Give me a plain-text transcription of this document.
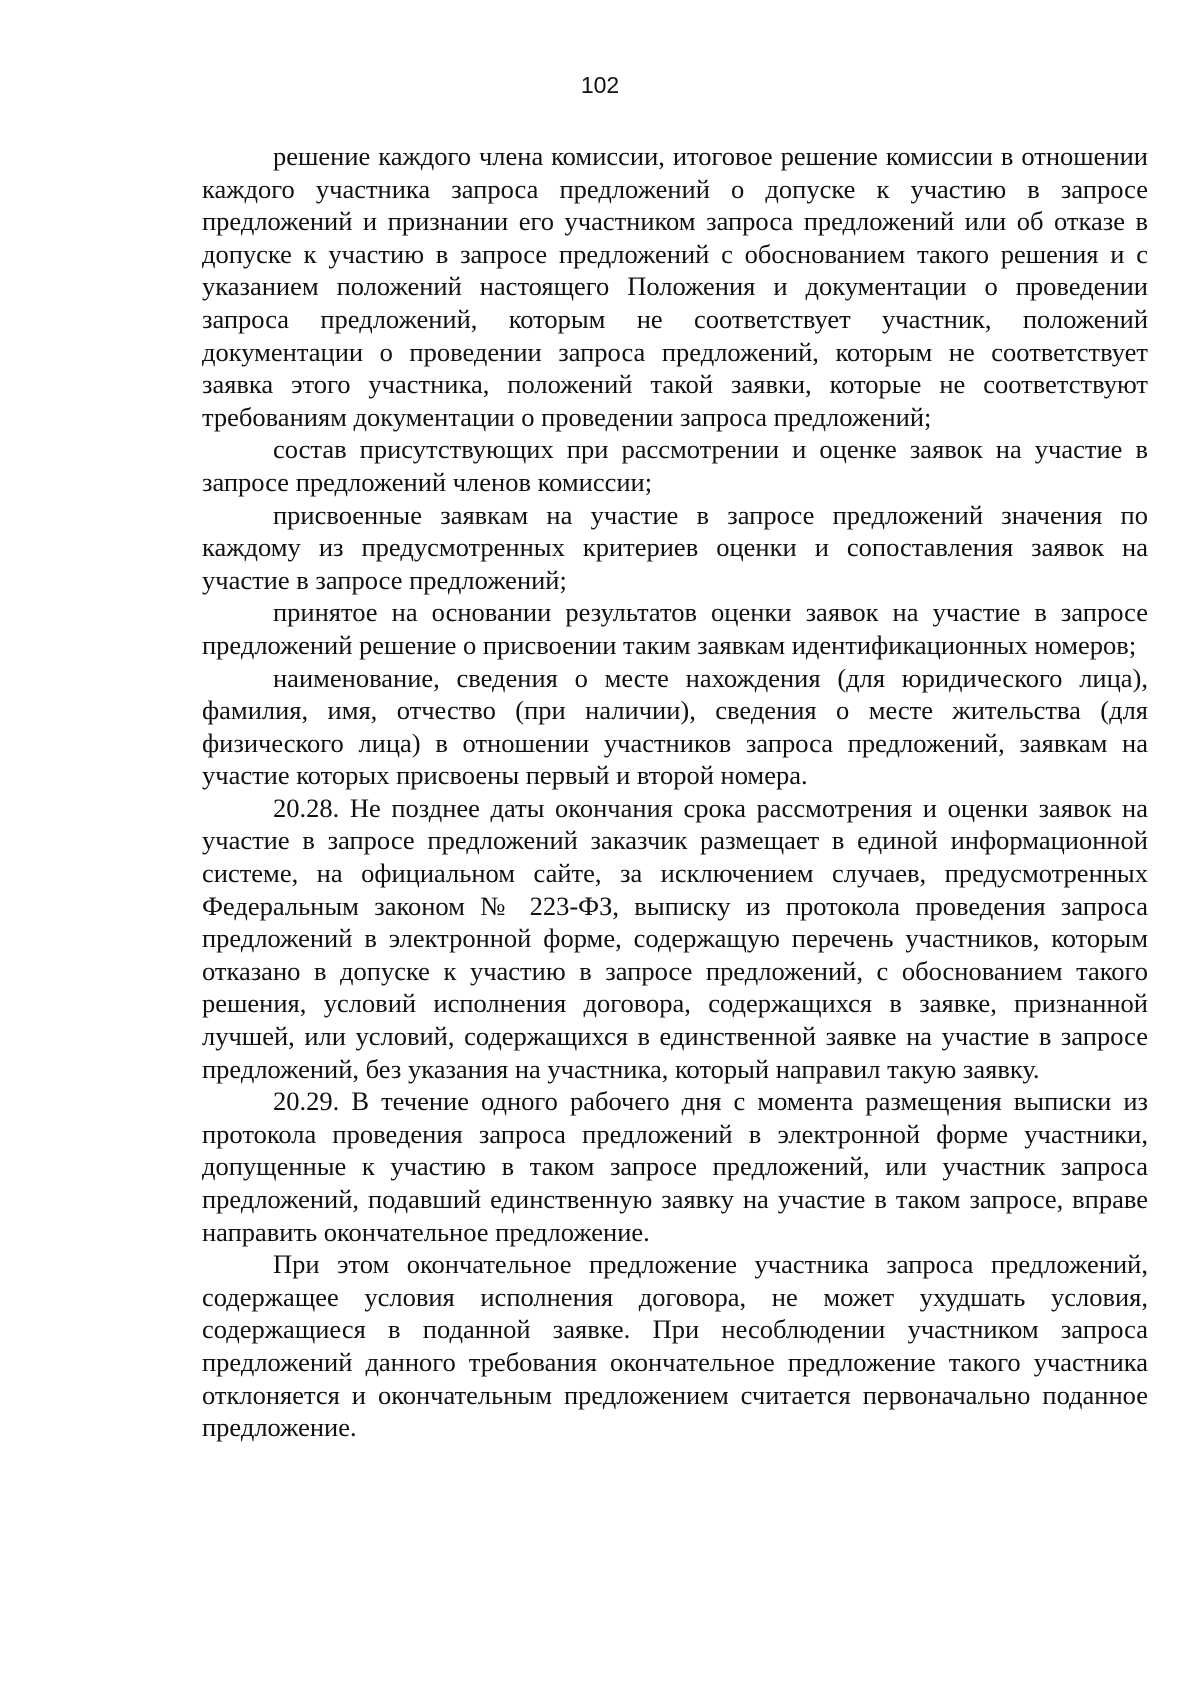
102

решение каждого члена комиссии, итоговое решение комиссии в отношении каждого участника запроса предложений о допуске к участию в запросе предложений и признании его участником запроса предложений или об отказе в допуске к участию в запросе предложений с обоснованием такого решения и с указанием положений настоящего Положения и документации о проведении запроса предложений, которым не соответствует участник, положений документации о проведении запроса предложений, которым не соответствует заявка этого участника, положений такой заявки, которые не соответствуют требованиям документации о проведении запроса предложений;

состав присутствующих при рассмотрении и оценке заявок на участие в запросе предложений членов комиссии;

присвоенные заявкам на участие в запросе предложений значения по каждому из предусмотренных критериев оценки и сопоставления заявок на участие в запросе предложений;

принятое на основании результатов оценки заявок на участие в запросе предложений решение о присвоении таким заявкам идентификационных номеров;

наименование, сведения о месте нахождения (для юридического лица), фамилия, имя, отчество (при наличии), сведения о месте жительства (для физического лица) в отношении участников запроса предложений, заявкам на участие которых присвоены первый и второй номера.

20.28. Не позднее даты окончания срока рассмотрения и оценки заявок на участие в запросе предложений заказчик размещает в единой информационной системе, на официальном сайте, за исключением случаев, предусмотренных Федеральным законом № 223-ФЗ, выписку из протокола проведения запроса предложений в электронной форме, содержащую перечень участников, которым отказано в допуске к участию в запросе предложений, с обоснованием такого решения, условий исполнения договора, содержащихся в заявке, признанной лучшей, или условий, содержащихся в единственной заявке на участие в запросе предложений, без указания на участника, который направил такую заявку.

20.29. В течение одного рабочего дня с момента размещения выписки из протокола проведения запроса предложений в электронной форме участники, допущенные к участию в таком запросе предложений, или участник запроса предложений, подавший единственную заявку на участие в таком запросе, вправе направить окончательное предложение.

При этом окончательное предложение участника запроса предложений, содержащее условия исполнения договора, не может ухудшать условия, содержащиеся в поданной заявке. При несоблюдении участником запроса предложений данного требования окончательное предложение такого участника отклоняется и окончательным предложением считается первоначально поданное предложение.
